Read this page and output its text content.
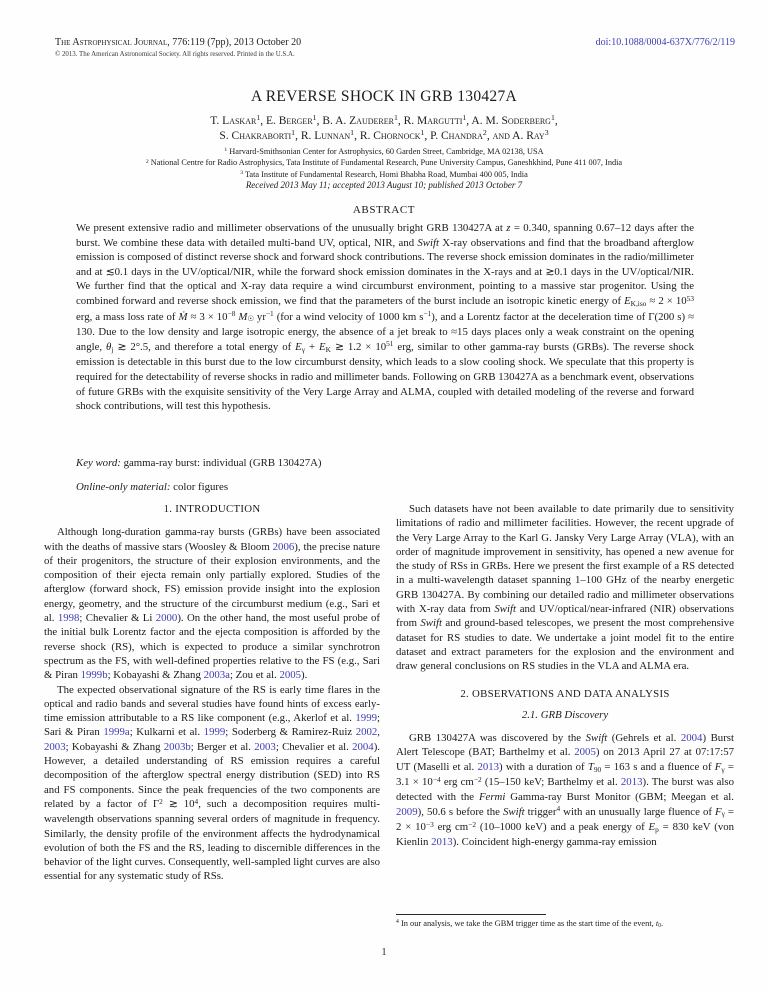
The Astrophysical Journal, 776:119 (7pp), 2013 October 20	doi:10.1088/0004-637X/776/2/119
© 2013. The American Astronomical Society. All rights reserved. Printed in the U.S.A.
A REVERSE SHOCK IN GRB 130427A
T. Laskar$^1$, E. Berger$^1$, B. A. Zauderer$^1$, R. Margutti$^1$, A. M. Soderberg$^1$,
S. Chakraborti$^1$, R. Lunnan$^1$, R. Chornock$^1$, P. Chandra$^2$, and A. Ray$^3$
$^1$ Harvard-Smithsonian Center for Astrophysics, 60 Garden Street, Cambridge, MA 02138, USA
$^2$ National Centre for Radio Astrophysics, Tata Institute of Fundamental Research, Pune University Campus, Ganeshkhind, Pune 411 007, India
$^3$ Tata Institute of Fundamental Research, Homi Bhabha Road, Mumbai 400 005, India
Received 2013 May 11; accepted 2013 August 10; published 2013 October 7
ABSTRACT
We present extensive radio and millimeter observations of the unusually bright GRB 130427A at z = 0.340, spanning 0.67–12 days after the burst. We combine these data with detailed multi-band UV, optical, NIR, and Swift X-ray observations and find that the broadband afterglow emission is composed of distinct reverse shock and forward shock contributions. The reverse shock emission dominates in the radio/millimeter and at ≲0.1 days in the UV/optical/NIR, while the forward shock emission dominates in the X-rays and at ≳0.1 days in the UV/optical/NIR. We further find that the optical and X-ray data require a wind circumburst environment, pointing to a massive star progenitor. Using the combined forward and reverse shock emission, we find that the parameters of the burst include an isotropic kinetic energy of $EK,iso \approx 2 \times 10^{53}$ erg, a mass loss rate of Ṁ ≈ $3 \times 10^{-8}$ M☉ $yr^{-1}$ (for a wind velocity of 1000 km $s^{-1}$), and a Lorentz factor at the deceleration time of Γ(200 s) ≈ 130. Due to the low density and large isotropic energy, the absence of a jet break to ≈15 days places only a weak constraint on the opening angle, θj ≳ 2°.5, and therefore a total energy of Eγ + EK ≳ $1.2 \times 10^{51}$ erg, similar to other gamma-ray bursts (GRBs). The reverse shock emission is detectable in this burst due to the low circumburst density, which leads to a slow cooling shock. We speculate that this property is required for the detectability of reverse shocks in radio and millimeter bands. Following on GRB 130427A as a benchmark event, observations of future GRBs with the exquisite sensitivity of the Very Large Array and ALMA, coupled with detailed modeling of the reverse and forward shock contributions, will test this hypothesis.
Key word: gamma-ray burst: individual (GRB 130427A)
Online-only material: color figures
1. INTRODUCTION

Although long-duration gamma-ray bursts (GRBs) have been associated with the deaths of massive stars (Woosley & Bloom 2006), the precise nature of their progenitors, the structure of their explosion environments, and the composition of their ejecta remain only partially explored. Studies of the afterglow (forward shock, FS) emission provide insight into the explosion energy, geometry, and the structure of the circumburst medium (e.g., Sari et al. 1998; Chevalier & Li 2000). On the other hand, the most useful probe of the initial bulk Lorentz factor and the ejecta composition is afforded by the reverse shock (RS), which is expected to produce a similar synchrotron spectrum as the FS, with well-defined properties relative to the FS (e.g., Sari & Piran 1999b; Kobayashi & Zhang 2003a; Zou et al. 2005).

The expected observational signature of the RS is early time flares in the optical and radio bands and several studies have found hints of excess early-time emission attributable to a RS like component (e.g., Akerlof et al. 1999; Sari & Piran 1999a; Kulkarni et al. 1999; Soderberg & Ramirez-Ruiz 2002, 2003; Kobayashi & Zhang 2003b; Berger et al. 2003; Chevalier et al. 2004). However, a detailed understanding of RS emission requires a careful decomposition of the afterglow spectral energy distribution (SED) into RS and FS components. Since the peak frequencies of the two components are related by a factor of $\Gamma^2$ ≳ $10^4$, such a decomposition requires multi-wavelength observations spanning several orders of magnitude in frequency. Similarly, the density profile of the environment affects the hydrodynamical evolution of both the FS and the RS, leading to discernible differences in the behavior of the light curves. Consequently, well-sampled light curves are also essential for any systematic study of RSs.

Such datasets have not been available to date primarily due to sensitivity limitations of radio and millimeter facilities. However, the recent upgrade of the Very Large Array to the Karl G. Jansky Very Large Array (VLA), with an order of magnitude improvement in sensitivity, has opened a new avenue for the study of RSs in GRBs. Here we present the first example of a RS detected in a multi-wavelength dataset spanning 1–100 GHz of the nearby energetic GRB 130427A. By combining our detailed radio and millimeter observations with X-ray data from Swift and UV/optical/near-infrared (NIR) observations from Swift and ground-based telescopes, we present the most comprehensive dataset for RS studies to date. We undertake a joint model fit to the entire dataset and extract parameters for the explosion and the environment and draw general conclusions on RS studies in the VLA and ALMA era.

2. OBSERVATIONS AND DATA ANALYSIS
2.1. GRB Discovery

GRB 130427A was discovered by the Swift (Gehrels et al. 2004) Burst Alert Telescope (BAT; Barthelmy et al. 2005) on 2013 April 27 at 07:17:57 UT (Maselli et al. 2013) with a duration of T90 = 163 s and a fluence of $F\gamma = 3.1 \times 10^{-4}$ erg $cm^{-2}$ (15–150 keV; Barthelmy et al. 2013). The burst was also detected with the Fermi Gamma-ray Burst Monitor (GBM; Meegan et al. 2009), 50.6 s before the Swift trigger$^4$ with an unusually large fluence of $F\gamma = 2 \times 10^{-3}$ erg $cm^{-2}$ (10–1000 keV) and a peak energy of Ep = 830 keV (von Kienlin 2013). Coincident high-energy gamma-ray emission

$^4$ In our analysis, we take the GBM trigger time as the start time of the event, t0.
1
